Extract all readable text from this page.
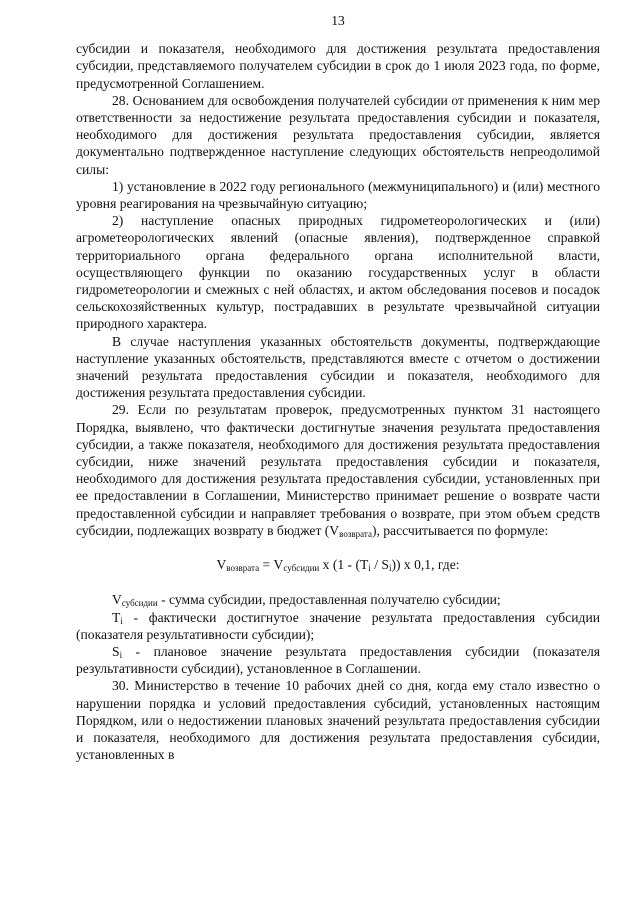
13

субсидии и показателя, необходимого для достижения результата предоставления субсидии, представляемого получателем субсидии в срок до 1 июля 2023 года, по форме, предусмотренной Соглашением.

28. Основанием для освобождения получателей субсидии от применения к ним мер ответственности за недостижение результата предоставления субсидии и показателя, необходимого для достижения результата предоставления субсидии, является документально подтвержденное наступление следующих обстоятельств непреодолимой силы:

1) установление в 2022 году регионального (межмуниципального) и (или) местного уровня реагирования на чрезвычайную ситуацию;

2) наступление опасных природных гидрометеорологических и (или) агрометеорологических явлений (опасные явления), подтвержденное справкой территориального органа федерального органа исполнительной власти, осуществляющего функции по оказанию государственных услуг в области гидрометеорологии и смежных с ней областях, и актом обследования посевов и посадок сельскохозяйственных культур, пострадавших в результате чрезвычайной ситуации природного характера.

В случае наступления указанных обстоятельств документы, подтверждающие наступление указанных обстоятельств, представляются вместе с отчетом о достижении значений результата предоставления субсидии и показателя, необходимого для достижения результата предоставления субсидии.

29. Если по результатам проверок, предусмотренных пунктом 31 настоящего Порядка, выявлено, что фактически достигнутые значения результата предоставления субсидии, а также показателя, необходимого для достижения результата предоставления субсидии, ниже значений результата предоставления субсидии и показателя, необходимого для достижения результата предоставления субсидии, установленных при ее предоставлении в Соглашении, Министерство принимает решение о возврате части предоставленной субсидии и направляет требования о возврате, при этом объем средств субсидии, подлежащих возврату в бюджет $(V_{возврата})$, рассчитывается по формуле:

$V_{возврата} = V_{субсидии}$ x $(1 - (T_i / S_i))$ x 0,1, где:

$V_{субсидии}$ - сумма субсидии, предоставленная получателю субсидии;

$T_i$ - фактически достигнутое значение результата предоставления субсидии (показателя результативности субсидии);

$S_i$ - плановое значение результата предоставления субсидии (показателя результативности субсидии), установленное в Соглашении.

30. Министерство в течение 10 рабочих дней со дня, когда ему стало известно о нарушении порядка и условий предоставления субсидий, установленных настоящим Порядком, или о недостижении плановых значений результата предоставления субсидии и показателя, необходимого для достижения результата предоставления субсидии, установленных в
